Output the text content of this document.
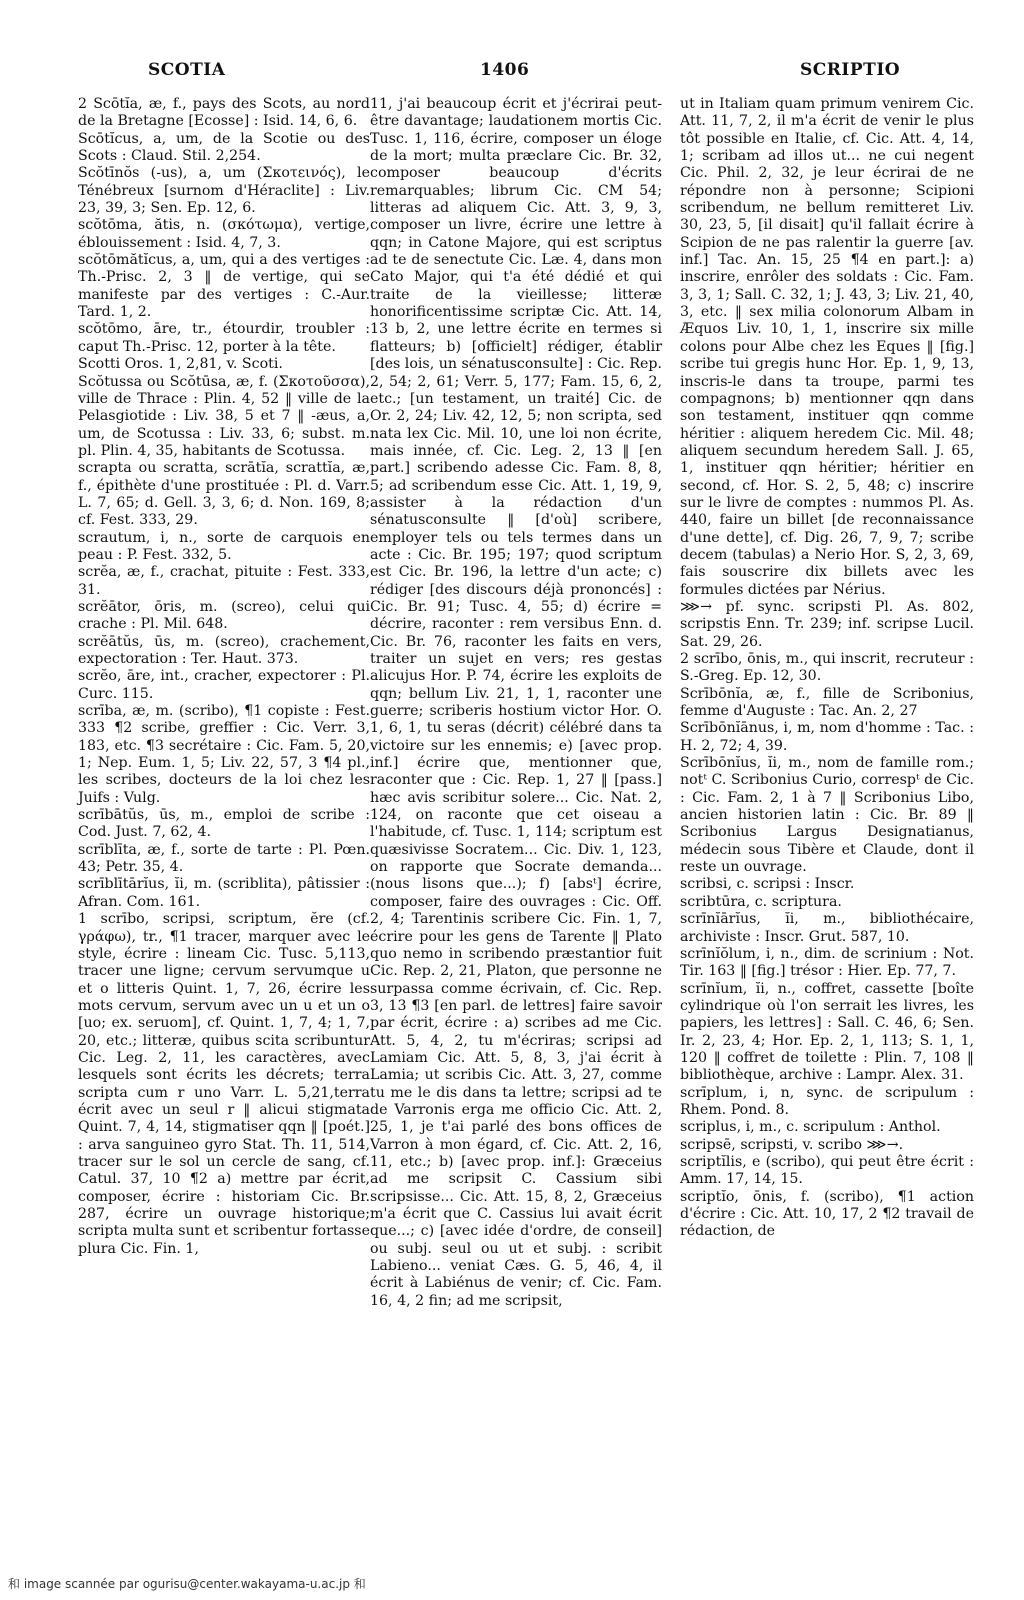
SCOTIA	1406	SCRIPTIO

2 Scōtĭa, æ, f., pays des Scots, au nord de la Bretagne [Ecosse] : Isid. 14, 6, 6.

Scōtĭcus, a, um, de la Scotie ou des Scots : Claud. Stil. 2,254.

Scŏtīnŏs (-us), a, um (Σκοτεινός), le Ténébreux [surnom d'Héraclite] : Liv. 23, 39, 3; Sen. Ep. 12, 6.

scŏtōma, ătis, n. (σκότωμα), vertige, éblouissement : Isid. 4, 7, 3.

scŏtōmătĭcus, a, um, qui a des vertiges : Th.-Prisc. 2, 3 ‖ de vertige, qui se manifeste par des vertiges : C.-Aur. Tard. 1, 2.

scŏtōmo, āre, tr., étourdir, troubler : caput Th.-Prisc. 12, porter à la tête.

Scotti Oros. 1, 2,81, v. Scoti.

Scŏtussa ou Scŏtūsa, æ, f. (Σκοτοῦσσα), ville de Thrace : Plin. 4, 52 ‖ ville de la Pelasgiotide : Liv. 38, 5 et 7 ‖ -æus, a, um, de Scotussa : Liv. 33, 6; subst. m. pl. Plin. 4, 35, habitants de Scotussa.

scrapta ou scratta, scrātĭa, scrattĭa, æ, f., épithète d'une prostituée : Pl. d. Varr. L. 7, 65; d. Gell. 3, 3, 6; d. Non. 169, 8; cf. Fest. 333, 29.

scrautum, i, n., sorte de carquois en peau : P. Fest. 332, 5.

scrĕa, æ, f., crachat, pituite : Fest. 333, 31.

scrĕātor, ōris, m. (screo), celui qui crache : Pl. Mil. 648.

scrĕātŭs, ūs, m. (screo), crachement, expectoration : Ter. Haut. 373.

scrĕo, āre, int., cracher, expectorer : Pl. Curc. 115.

scrība, æ, m. (scribo), ¶1 copiste : Fest. 333 ¶2 scribe, greffier : Cic. Verr. 3, 183, etc. ¶3 secrétaire : Cic. Fam. 5, 20, 1; Nep. Eum. 1, 5; Liv. 22, 57, 3 ¶4 pl., les scribes, docteurs de la loi chez les Juifs : Vulg.

scrībātŭs, ūs, m., emploi de scribe : Cod. Just. 7, 62, 4.

scrīblīta, æ, f., sorte de tarte : Pl. Pœn. 43; Petr. 35, 4.

scrīblītārĭus, ĭi, m. (scriblita), pâtissier : Afran. Com. 161.

1 scrībo, scripsi, scriptum, ĕre (cf. γράφω), tr., ¶1 tracer, marquer avec le style, écrire : lineam Cic. Tusc. 5,113, tracer une ligne; cervum servumque u et o litteris Quint. 1, 7, 26, écrire les mots cervum, servum avec un u et un o [uo; ex. seruom], cf. Quint. 1, 7, 4; 1, 7, 20, etc.; litteræ, quibus scita scribuntur Cic. Leg. 2, 11, les caractères, avec lesquels sont écrits les décrets; terra scripta cum r uno Varr. L. 5,21,terra écrit avec un seul r ‖ alicui stigmata Quint. 7, 4, 14, stigmatiser qqn ‖ [poét.] : arva sanguineo gyro Stat. Th. 11, 514, tracer sur le sol un cercle de sang, cf. Catul. 37, 10 ¶2 a) mettre par écrit, composer, écrire : historiam Cic. Br. 287, écrire un ouvrage historique; scripta multa sunt et scribentur fortasse plura Cic. Fin. 1,

11, j'ai beaucoup écrit et j'écrirai peut-être davantage; laudationem mortis Cic. Tusc. 1, 116, écrire, composer un éloge de la mort; multa præclare Cic. Br. 32, composer beaucoup d'écrits remarquables; librum Cic. CM 54; litteras ad aliquem Cic. Att. 3, 9, 3, composer un livre, écrire une lettre à qqn; in Catone Majore, qui est scriptus ad te de senectute Cic. Læ. 4, dans mon Cato Major, qui t'a été dédié et qui traite de la vieillesse; litteræ honorificentissime scriptæ Cic. Att. 14, 13 b, 2, une lettre écrite en termes si flatteurs; b) [officielt] rédiger, établir [des lois, un sénatusconsulte] : Cic. Rep. 2, 54; 2, 61; Verr. 5, 177; Fam. 15, 6, 2, etc.; [un testament, un traité] Cic. de Or. 2, 24; Liv. 42, 12, 5; non scripta, sed nata lex Cic. Mil. 10, une loi non écrite, mais innée, cf. Cic. Leg. 2, 13 ‖ [en part.] scribendo adesse Cic. Fam. 8, 8, 5; ad scribendum esse Cic. Att. 1, 19, 9, assister à la rédaction d'un sénatusconsulte ‖ [d'où] scribere, employer tels ou tels termes dans un acte : Cic. Br. 195; 197; quod scriptum est Cic. Br. 196, la lettre d'un acte; c) rédiger [des discours déjà prononcés] : Cic. Br. 91; Tusc. 4, 55; d) écrire = décrire, raconter : rem versibus Enn. d. Cic. Br. 76, raconter les faits en vers, traiter un sujet en vers; res gestas alicujus Hor. P. 74, écrire les exploits de qqn; bellum Liv. 21, 1, 1, raconter une guerre; scriberis hostium victor Hor. O. 1, 6, 1, tu seras (décrit) célébré dans ta victoire sur les ennemis; e) [avec prop. inf.] écrire que, mentionner que, raconter que : Cic. Rep. 1, 27 ‖ [pass.] hæc avis scribitur solere... Cic. Nat. 2, 124, on raconte que cet oiseau a l'habitude, cf. Tusc. 1, 114; scriptum est quæsivisse Socratem... Cic. Div. 1, 123, on rapporte que Socrate demanda... (nous lisons que...); f) [absᵗ] écrire, composer, faire des ouvrages : Cic. Off. 2, 4; Tarentinis scribere Cic. Fin. 1, 7, écrire pour les gens de Tarente ‖ Plato quo nemo in scribendo præstantior fuit Cic. Rep. 2, 21, Platon, que personne ne surpassa comme écrivain, cf. Cic. Rep. 3, 13 ¶3 [en parl. de lettres] faire savoir par écrit, écrire : a) scribes ad me Cic. Att. 5, 4, 2, tu m'écriras; scripsi ad Lamiam Cic. Att. 5, 8, 3, j'ai écrit à Lamia; ut scribis Cic. Att. 3, 27, comme tu me le dis dans ta lettre; scripsi ad te de Varronis erga me officio Cic. Att. 2, 25, 1, je t'ai parlé des bons offices de Varron à mon égard, cf. Cic. Att. 2, 16, 11, etc.; b) [avec prop. inf.]: Græceius ad me scripsit C. Cassium sibi scripsisse... Cic. Att. 15, 8, 2, Græceius m'a écrit que C. Cassius lui avait écrit que...; c) [avec idée d'ordre, de conseil] ou subj. seul ou ut et subj. : scribit Labieno... veniat Cæs. G. 5, 46, 4, il écrit à Labiénus de venir; cf. Cic. Fam. 16, 4, 2 fin; ad me scripsit,

ut in Italiam quam primum venirem Cic. Att. 11, 7, 2, il m'a écrit de venir le plus tôt possible en Italie, cf. Cic. Att. 4, 14, 1; scribam ad illos ut... ne cui negent Cic. Phil. 2, 32, je leur écrirai de ne répondre non à personne; Scipioni scribendum, ne bellum remitteret Liv. 30, 23, 5, [il disait] qu'il fallait écrire à Scipion de ne pas ralentir la guerre [av. inf.] Tac. An. 15, 25 ¶4 en part.]: a) inscrire, enrôler des soldats : Cic. Fam. 3, 3, 1; Sall. C. 32, 1; J. 43, 3; Liv. 21, 40, 3, etc. ‖ sex milia colonorum Albam in Æquos Liv. 10, 1, 1, inscrire six mille colons pour Albe chez les Eques ‖ [fig.] scribe tui gregis hunc Hor. Ep. 1, 9, 13, inscris-le dans ta troupe, parmi tes compagnons; b) mentionner qqn dans son testament, instituer qqn comme héritier : aliquem heredem Cic. Mil. 48; aliquem secundum heredem Sall. J. 65, 1, instituer qqn héritier; héritier en second, cf. Hor. S. 2, 5, 48; c) inscrire sur le livre de comptes : nummos Pl. As. 440, faire un billet [de reconnaissance d'une dette], cf. Dig. 26, 7, 9, 7; scribe decem (tabulas) a Nerio Hor. S, 2, 3, 69, fais souscrire dix billets avec les formules dictées par Nérius.

⋙→ pf. sync. scripsti Pl. As. 802, scripstis Enn. Tr. 239; inf. scripse Lucil. Sat. 29, 26.

2 scrībo, ōnis, m., qui inscrit, recruteur : S.-Greg. Ep. 12, 30.

Scrībōnĭa, æ, f., fille de Scribonius, femme d'Auguste : Tac. An. 2, 27

Scrībōnĭānus, i, m, nom d'homme : Tac. : H. 2, 72; 4, 39.

Scrībōnĭus, ĭi, m., nom de famille rom.; notᵗ C. Scribonius Curio, correspᵗ de Cic. : Cic. Fam. 2, 1 à 7 ‖ Scribonius Libo, ancien historien latin : Cic. Br. 89 ‖ Scribonius Largus Designatianus, médecin sous Tibère et Claude, dont il reste un ouvrage.

scribsi, c. scripsi : Inscr.

scribtūra, c. scriptura.

scrīnĭārĭus, ĭi, m., bibliothécaire, archiviste : Inscr. Grut. 587, 10.

scrīnĭŏlum, i, n., dim. de scrinium : Not. Tir. 163 ‖ [fig.] trésor : Hier. Ep. 77, 7.

scrīnĭum, ĭi, n., coffret, cassette [boîte cylindrique où l'on serrait les livres, les papiers, les lettres] : Sall. C. 46, 6; Sen. Ir. 2, 23, 4; Hor. Ep. 2, 1, 113; S. 1, 1, 120 ‖ coffret de toilette : Plin. 7, 108 ‖ bibliothèque, archive : Lampr. Alex. 31.

scrīplum, i, n, sync. de scripulum : Rhem. Pond. 8.

scriplus, i, m., c. scripulum : Anthol.

scripsē, scripsti, v. scribo ⋙→.

scriptĭlis, e (scribo), qui peut être écrit : Amm. 17, 14, 15.

scriptĭo, ōnis, f. (scribo), ¶1 action d'écrire : Cic. Att. 10, 17, 2 ¶2 travail de rédaction, de

和 image scannée par ogurisu@center.wakayama-u.ac.jp 和
